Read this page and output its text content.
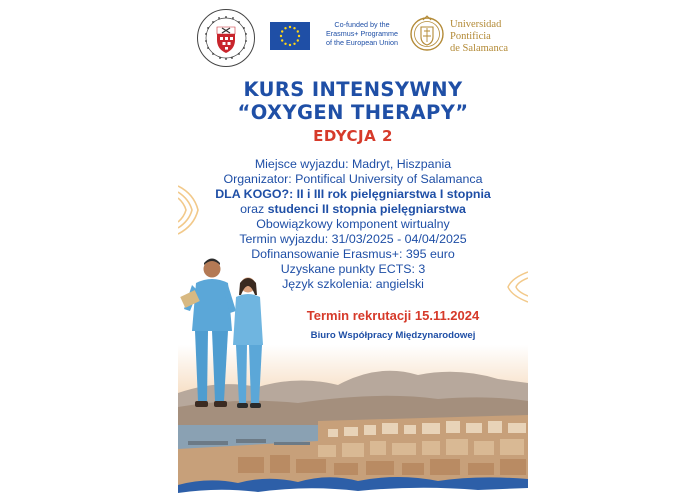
Co-funded by the
Erasmus+ Programme
of the European Union
Universidad
Pontificia
de Salamanca
KURS INTENSYWNY
“OXYGEN THERAPY”
EDYCJA 2
Miejsce wyjazdu: Madryt, Hiszpania
Organizator: Pontifical University of Salamanca
DLA KOGO?: II i III rok pielęgniarstwa I stopnia
oraz studenci II stopnia pielęgniarstwa
Obowiązkowy komponent wirtualny
Termin wyjazdu: 31/03/2025 - 04/04/2025
Dofinansowanie Erasmus+: 395 euro
Uzyskane punkty ECTS: 3
Język szkolenia: angielski
Termin rekrutacji 15.11.2024
Biuro Współpracy Międzynarodowej
